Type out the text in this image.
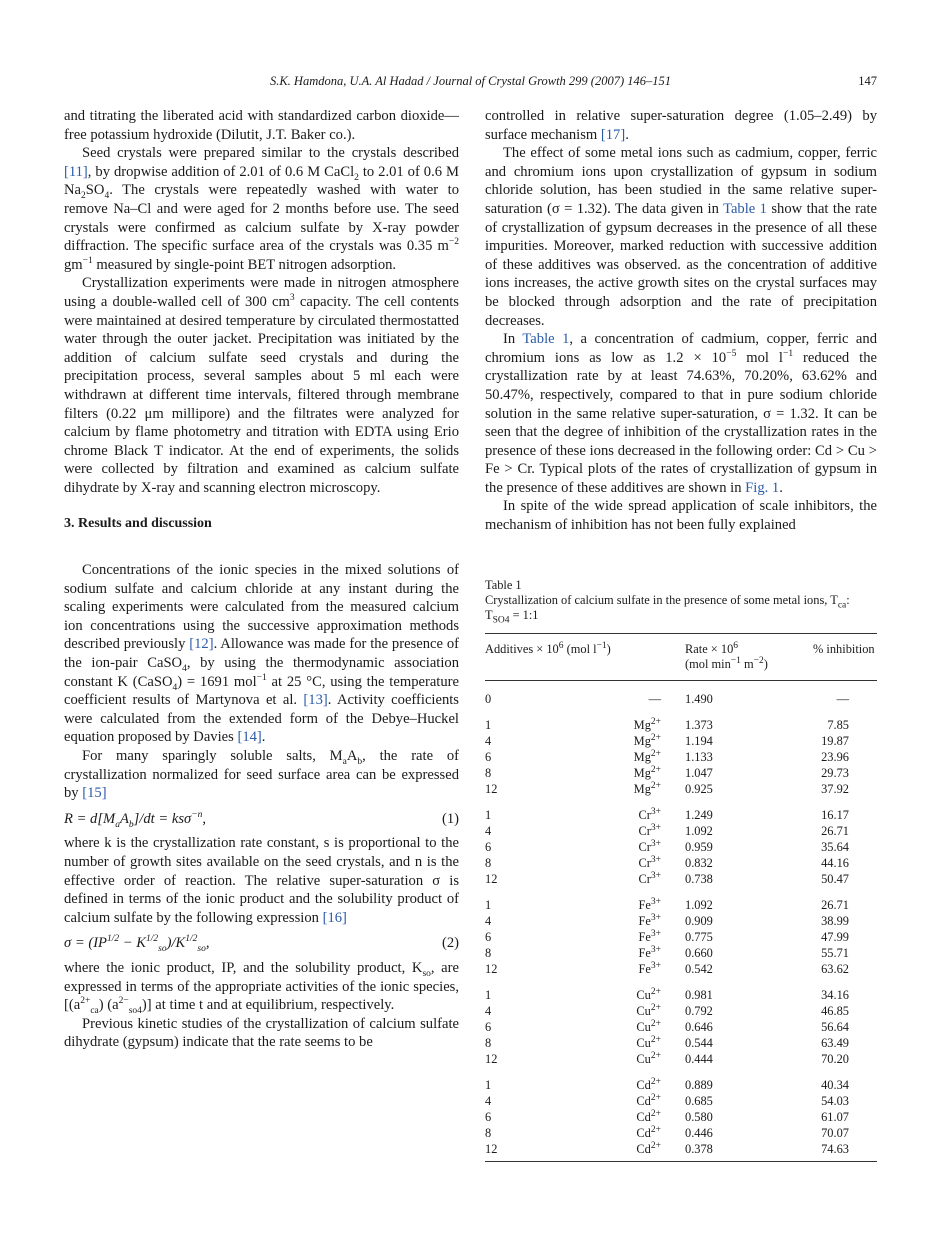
S.K. Hamdona, U.A. Al Hadad / Journal of Crystal Growth 299 (2007) 146–151	147

and titrating the liberated acid with standardized carbon dioxide—free potassium hydroxide (Dilutit, J.T. Baker co.).

Seed crystals were prepared similar to the crystals described [11], by dropwise addition of 2.01 of 0.6 M CaCl$_2$ to 2.01 of 0.6 M $Na_2SO_4$. The crystals were repeatedly washed with water to remove Na–Cl and were aged for 2 months before use. The seed crystals were confirmed as calcium sulfate by X-ray powder diffraction. The specific surface area of the crystals was 0.35 $m^{-2}$ $gm^{-1}$ measured by single-point BET nitrogen adsorption.

Crystallization experiments were made in nitrogen atmosphere using a double-walled cell of 300 $cm^3$ capacity. The cell contents were maintained at desired temperature by circulated thermostatted water through the outer jacket. Precipitation was initiated by the addition of calcium sulfate seed crystals and during the precipitation process, several samples about 5 ml each were withdrawn at different time intervals, filtered through membrane filters (0.22 μm millipore) and the filtrates were analyzed for calcium by flame photometry and titration with EDTA using Erio chrome Black T indicator. At the end of experiments, the solids were collected by filtration and examined as calcium sulfate dihydrate by X-ray and scanning electron microscopy.

3. Results and discussion

Concentrations of the ionic species in the mixed solutions of sodium sulfate and calcium chloride at any instant during the scaling experiments were calculated from the measured calcium ion concentrations using the successive approximation methods described previously [12]. Allowance was made for the presence of the ion-pair CaSO$_4$, by using the thermodynamic association constant K (CaSO$_4$) = 1691 mol$^{-1}$ at 25 °C, using the temperature coefficient results of Martynova et al. [13]. Activity coefficients were calculated from the extended form of the Debye–Huckel equation proposed by Davies [14].

For many sparingly soluble salts, $M_aA_b$, the rate of crystallization normalized for seed surface area can be expressed by [15]

$R = d[M_aA_b]/dt = ks\sigma^{-n}$,	(1)

where k is the crystallization rate constant, s is proportional to the number of growth sites available on the seed crystals, and n is the effective order of reaction. The relative super-saturation σ is defined in terms of the ionic product and the solubility product of calcium sulfate by the following expression [16]

$\sigma = (IP^{1/2} - K^{1/2}_{so})/K^{1/2}_{so}$,	(2)

where the ionic product, IP, and the solubility product, $K_{so}$, are expressed in terms of the appropriate activities of the ionic species, [$(a^{2+}_{ca})$ $(a^{2-}_{so4})$] at time t and at equilibrium, respectively.

Previous kinetic studies of the crystallization of calcium sulfate dihydrate (gypsum) indicate that the rate seems to be

controlled in relative super-saturation degree (1.05–2.49) by surface mechanism [17].

The effect of some metal ions such as cadmium, copper, ferric and chromium ions upon crystallization of gypsum in sodium chloride solution, has been studied in the same relative super-saturation (σ = 1.32). The data given in Table 1 show that the rate of crystallization of gypsum decreases in the presence of all these impurities. Moreover, marked reduction with successive addition of these additives was observed. as the concentration of additive ions increases, the active growth sites on the crystal surfaces may be blocked through adsorption and the rate of precipitation decreases.

In Table 1, a concentration of cadmium, copper, ferric and chromium ions as low as $1.2 \times 10^{-5}$ mol $l^{-1}$ reduced the crystallization rate by at least 74.63%, 70.20%, 63.62% and 50.47%, respectively, compared to that in pure sodium chloride solution in the same relative super-saturation, σ = 1.32. It can be seen that the degree of inhibition of the crystallization rates in the presence of these ions decreased in the following order: Cd > Cu > Fe > Cr. Typical plots of the rates of crystallization of gypsum in the presence of these additives are shown in Fig. 1.

In spite of the wide spread application of scale inhibitors, the mechanism of inhibition has not been fully explained

Table 1
Crystallization of calcium sulfate in the presence of some metal ions, $T_{ca}$: $T_{SO4}$ = 1:1
Additives × $10^6$ (mol $l^{-1}$)		Rate × $10^6$
(mol $\min^{-1} m^{-2}$)	% inhibition
0	—	1.490	—
1	$Mg^{2+}$	1.373	7.85
4	$Mg^{2+}$	1.194	19.87
6	$Mg^{2+}$	1.133	23.96
8	$Mg^{2+}$	1.047	29.73
12	$Mg^{2+}$	0.925	37.92
1	$Cr^{3+}$	1.249	16.17
4	$Cr^{3+}$	1.092	26.71
6	$Cr^{3+}$	0.959	35.64
8	$Cr^{3+}$	0.832	44.16
12	$Cr^{3+}$	0.738	50.47
1	$Fe^{3+}$	1.092	26.71
4	$Fe^{3+}$	0.909	38.99
6	$Fe^{3+}$	0.775	47.99
8	$Fe^{3+}$	0.660	55.71
12	$Fe^{3+}$	0.542	63.62
1	$Cu^{2+}$	0.981	34.16
4	$Cu^{2+}$	0.792	46.85
6	$Cu^{2+}$	0.646	56.64
8	$Cu^{2+}$	0.544	63.49
12	$Cu^{2+}$	0.444	70.20
1	$Cd^{2+}$	0.889	40.34
4	$Cd^{2+}$	0.685	54.03
6	$Cd^{2+}$	0.580	61.07
8	$Cd^{2+}$	0.446	70.07
12	$Cd^{2+}$	0.378	74.63
